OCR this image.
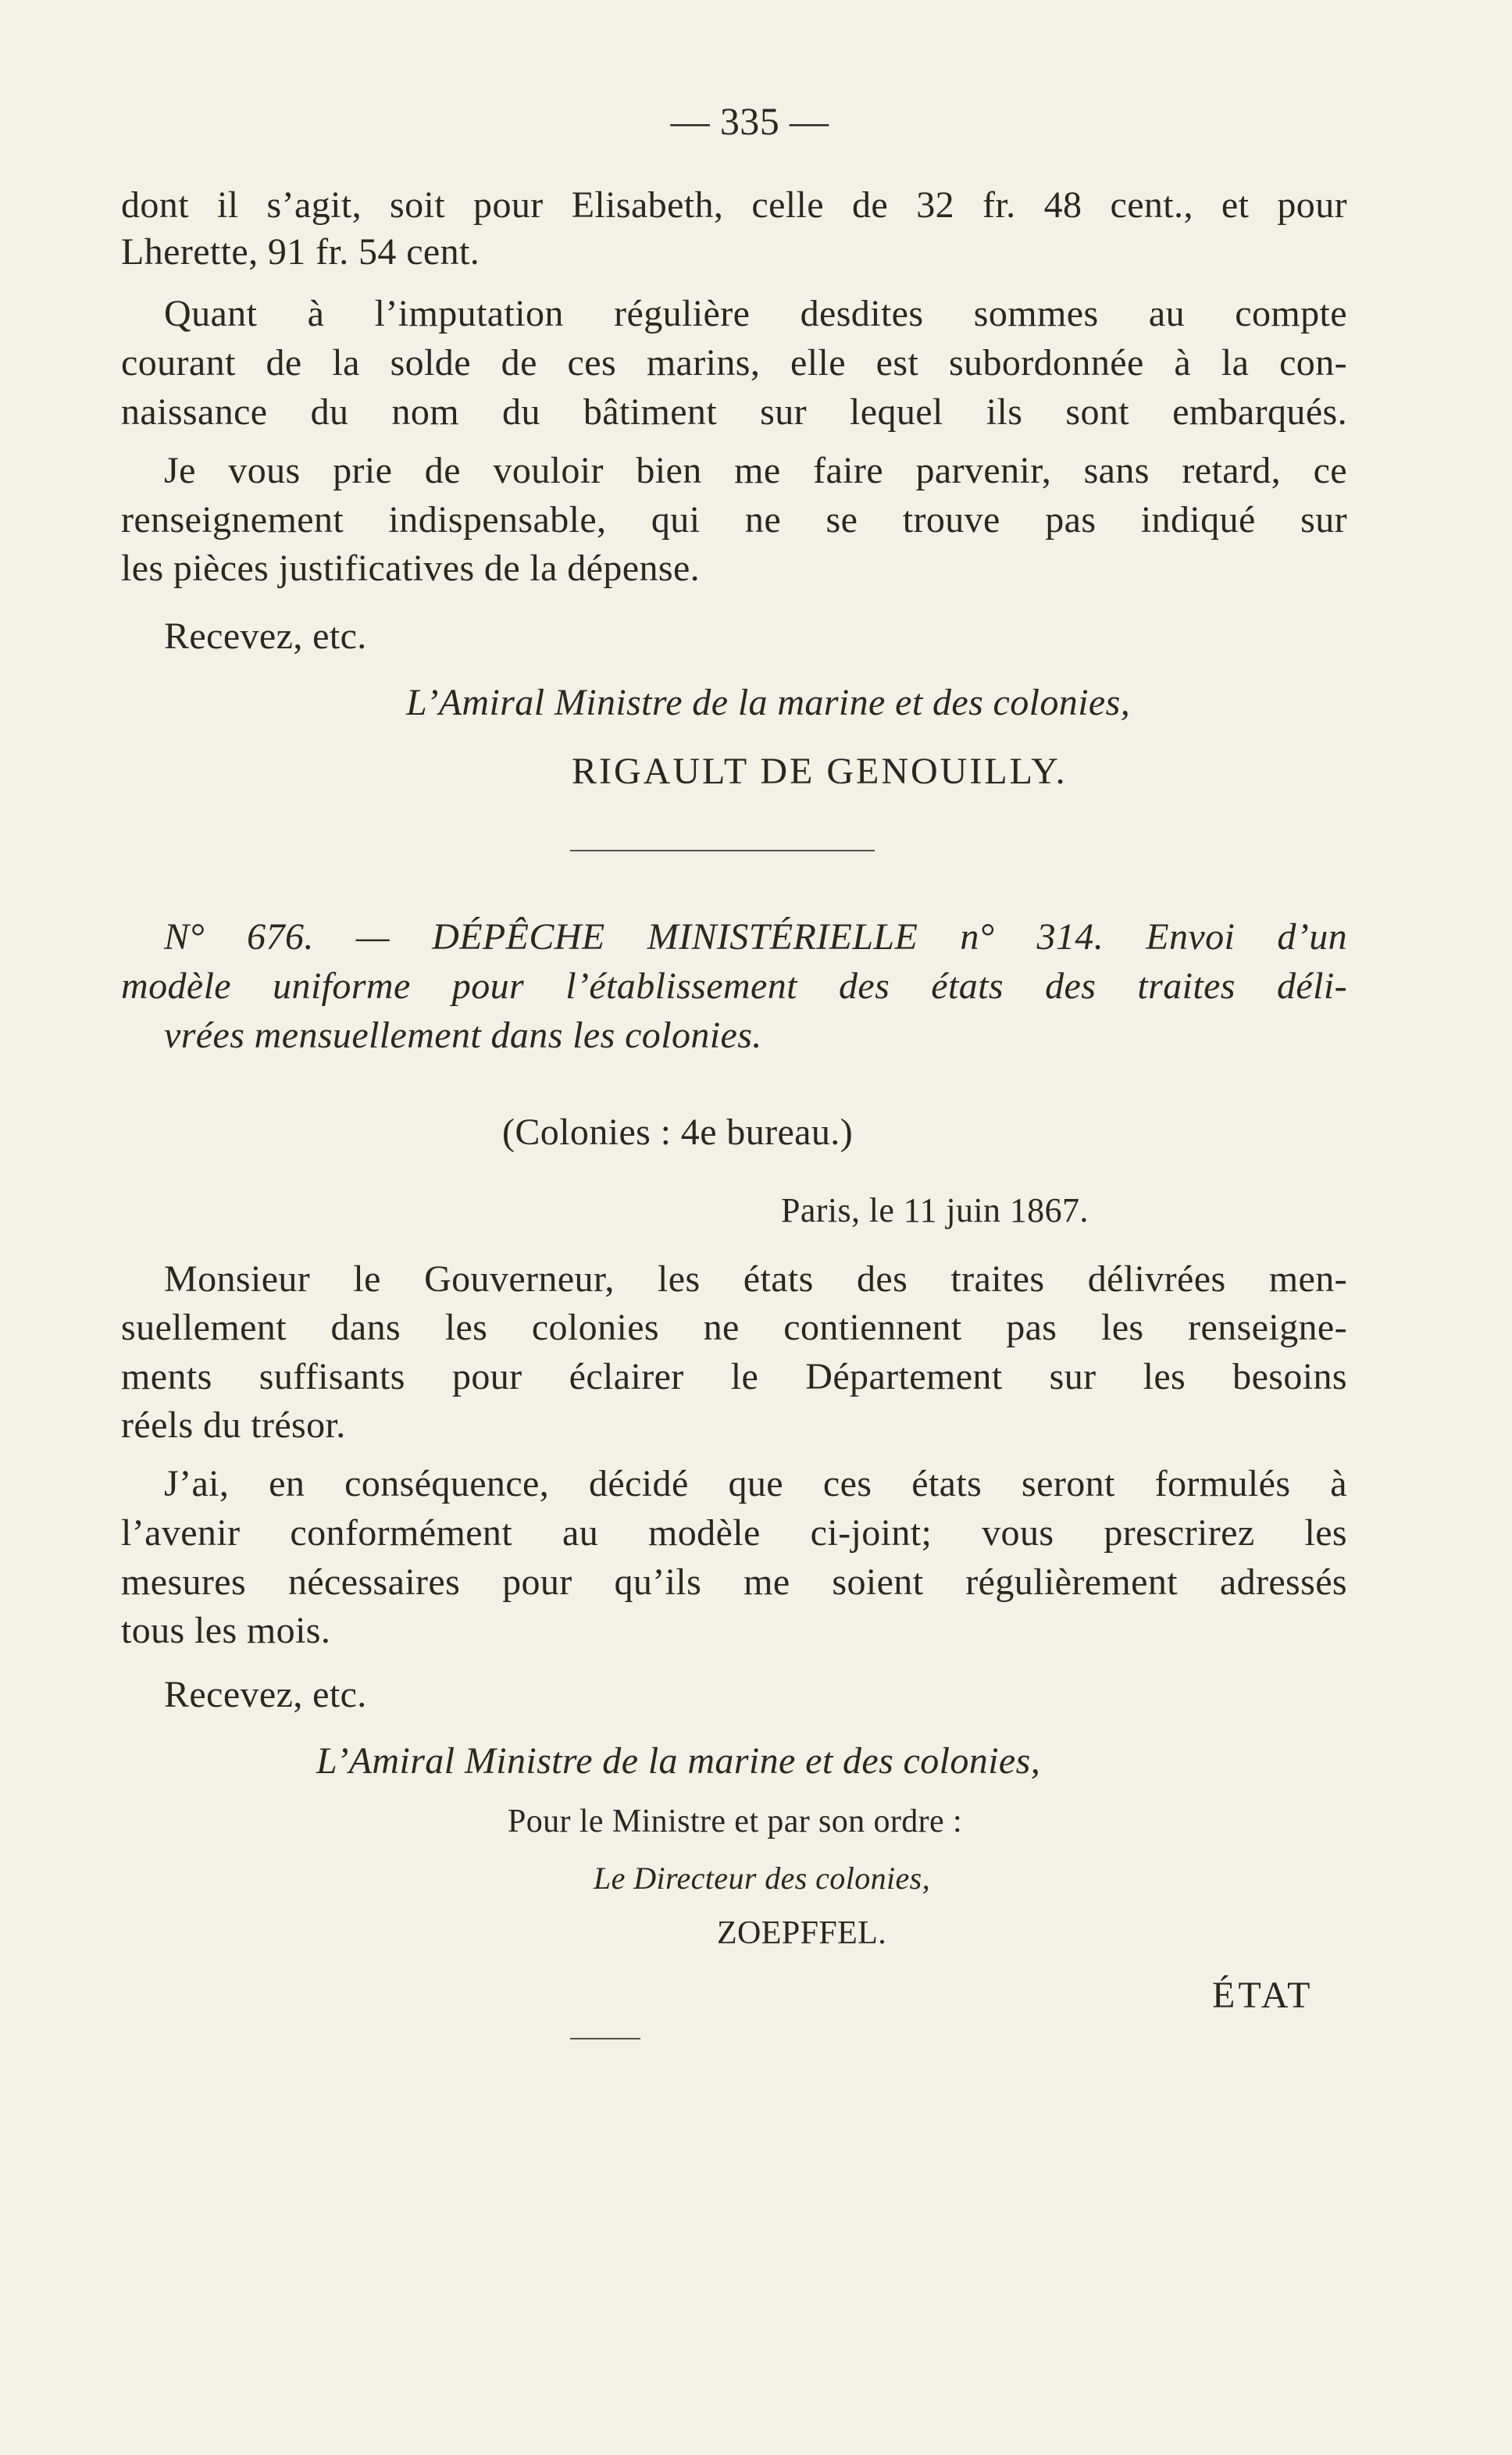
— 335 —
dont il s’agit, soit pour Elisabeth, celle de 32 fr. 48 cent., et pour
Lherette, 91 fr. 54 cent.
Quant à l’imputation régulière desdites sommes au compte
courant de la solde de ces marins, elle est subordonnée à la con-
naissance du nom du bâtiment sur lequel ils sont embarqués.
Je vous prie de vouloir bien me faire parvenir, sans retard, ce
renseignement indispensable, qui ne se trouve pas indiqué sur
les pièces justificatives de la dépense.
Recevez, etc.
L’Amiral Ministre de la marine et des colonies,
RIGAULT DE GENOUILLY.
N° 676. — DÉPÊCHE MINISTÉRIELLE n° 314. Envoi d’un
modèle uniforme pour l’établissement des états des traites déli-
vrées mensuellement dans les colonies.
(Colonies : 4e bureau.)
Paris, le 11 juin 1867.
Monsieur le Gouverneur, les états des traites délivrées men-
suellement dans les colonies ne contiennent pas les renseigne-
ments suffisants pour éclairer le Département sur les besoins
réels du trésor.
J’ai, en conséquence, décidé que ces états seront formulés à
l’avenir conformément au modèle ci-joint; vous prescrirez les
mesures nécessaires pour qu’ils me soient régulièrement adressés
tous les mois.
Recevez, etc.
L’Amiral Ministre de la marine et des colonies,
Pour le Ministre et par son ordre :
Le Directeur des colonies,
ZOEPFFEL.
ÉTAT
